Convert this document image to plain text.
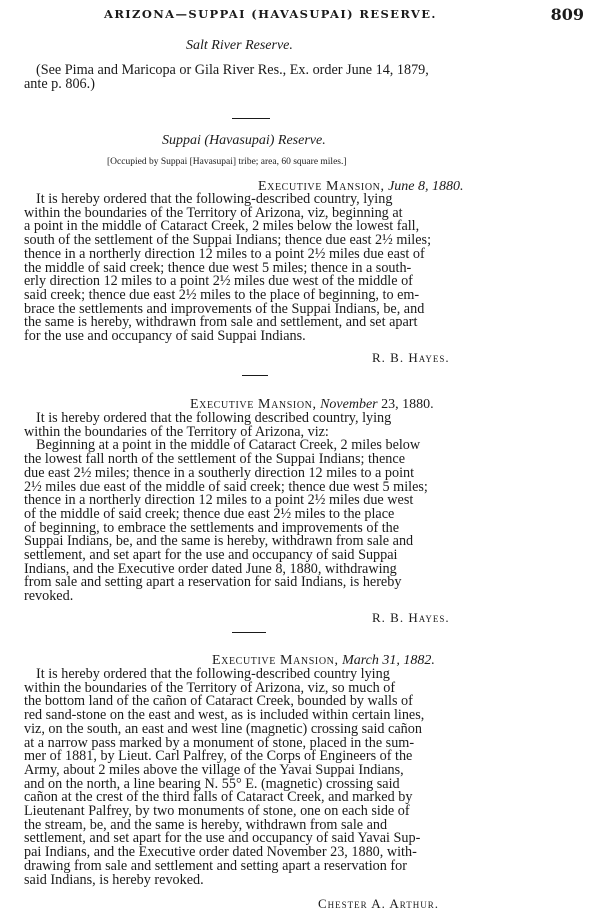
ARIZONA—SUPPAI (HAVASUPAI) RESERVE.	809
Salt River Reserve.

(See Pima and Maricopa or Gila River Res., Ex. order June 14, 1879,

ante p. 806.)

Suppai (Havasupai) Reserve.
[Occupied by Suppai [Havasupai] tribe; area, 60 square miles.]
Executive Mansion, June 8, 1880.

It is hereby ordered that the following-described country, lying

within the boundaries of the Territory of Arizona, viz, beginning at

a point in the middle of Cataract Creek, 2 miles below the lowest fall,

south of the settlement of the Suppai Indians; thence due east 2½ miles;

thence in a northerly direction 12 miles to a point 2½ miles due east of

the middle of said creek; thence due west 5 miles; thence in a south-

erly direction 12 miles to a point 2½ miles due west of the middle of

said creek; thence due east 2½ miles to the place of beginning, to em-

brace the settlements and improvements of the Suppai Indians, be, and

the same is hereby, withdrawn from sale and settlement, and set apart

for the use and occupancy of said Suppai Indians.

R. B. Hayes.
Executive Mansion, November 23, 1880.

It is hereby ordered that the following described country, lying

within the boundaries of the Territory of Arizona, viz:

Beginning at a point in the middle of Cataract Creek, 2 miles below

the lowest fall north of the settlement of the Suppai Indians; thence

due east 2½ miles; thence in a southerly direction 12 miles to a point

2½ miles due east of the middle of said creek; thence due west 5 miles;

thence in a northerly direction 12 miles to a point 2½ miles due west

of the middle of said creek; thence due east 2½ miles to the place

of beginning, to embrace the settlements and improvements of the

Suppai Indians, be, and the same is hereby, withdrawn from sale and

settlement, and set apart for the use and occupancy of said Suppai

Indians, and the Executive order dated June 8, 1880, withdrawing

from sale and setting apart a reservation for said Indians, is hereby

revoked.

R. B. Hayes.
Executive Mansion, March 31, 1882.

It is hereby ordered that the following-described country lying

within the boundaries of the Territory of Arizona, viz, so much of

the bottom land of the cañon of Cataract Creek, bounded by walls of

red sand-stone on the east and west, as is included within certain lines,

viz, on the south, an east and west line (magnetic) crossing said cañon

at a narrow pass marked by a monument of stone, placed in the sum-

mer of 1881, by Lieut. Carl Palfrey, of the Corps of Engineers of the

Army, about 2 miles above the village of the Yavai Suppai Indians,

and on the north, a line bearing N. 55° E. (magnetic) crossing said

cañon at the crest of the third falls of Cataract Creek, and marked by

Lieutenant Palfrey, by two monuments of stone, one on each side of

the stream, be, and the same is hereby, withdrawn from sale and

settlement, and set apart for the use and occupancy of said Yavai Sup-

pai Indians, and the Executive order dated November 23, 1880, with-

drawing from sale and settlement and setting apart a reservation for

said Indians, is hereby revoked.

Chester A. Arthur.
